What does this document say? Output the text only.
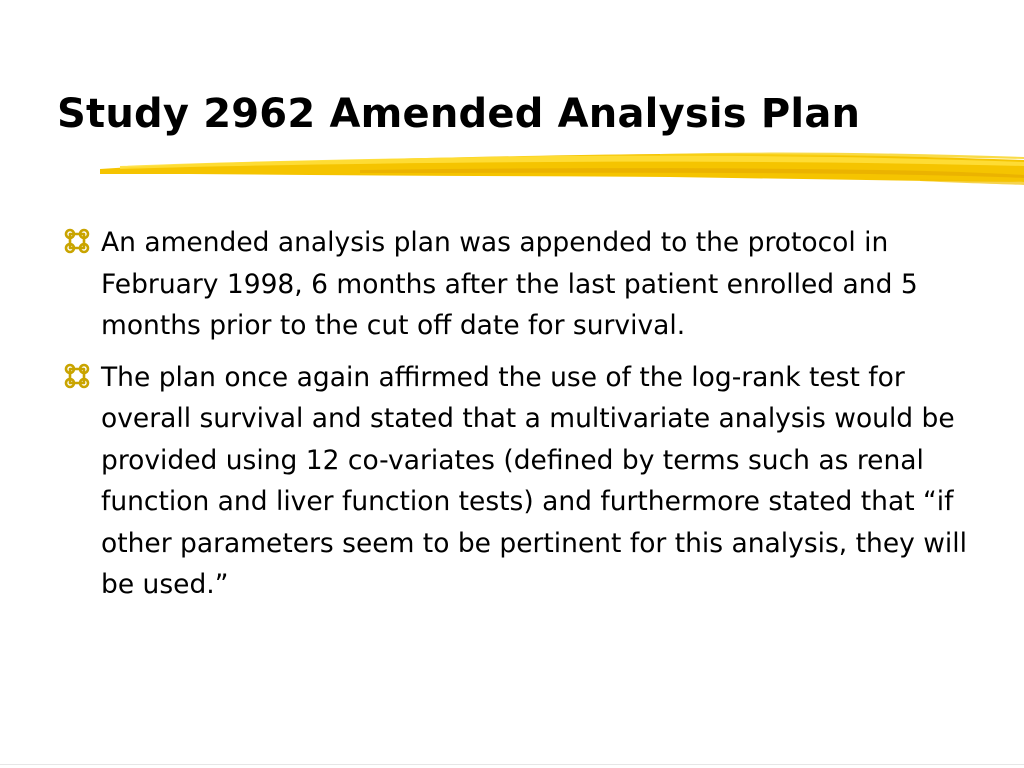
Study 2962 Amended Analysis Plan
An amended analysis plan was appended to the protocol in February 1998, 6 months after the last patient enrolled and 5 months prior to the cut off date for survival.
The plan once again affirmed the use of the log-rank test for overall survival and stated that a multivariate analysis would be provided using 12 co-variates (defined by terms such as renal function and liver function tests) and furthermore stated that “if other parameters seem to be pertinent for this analysis, they will be used.”
